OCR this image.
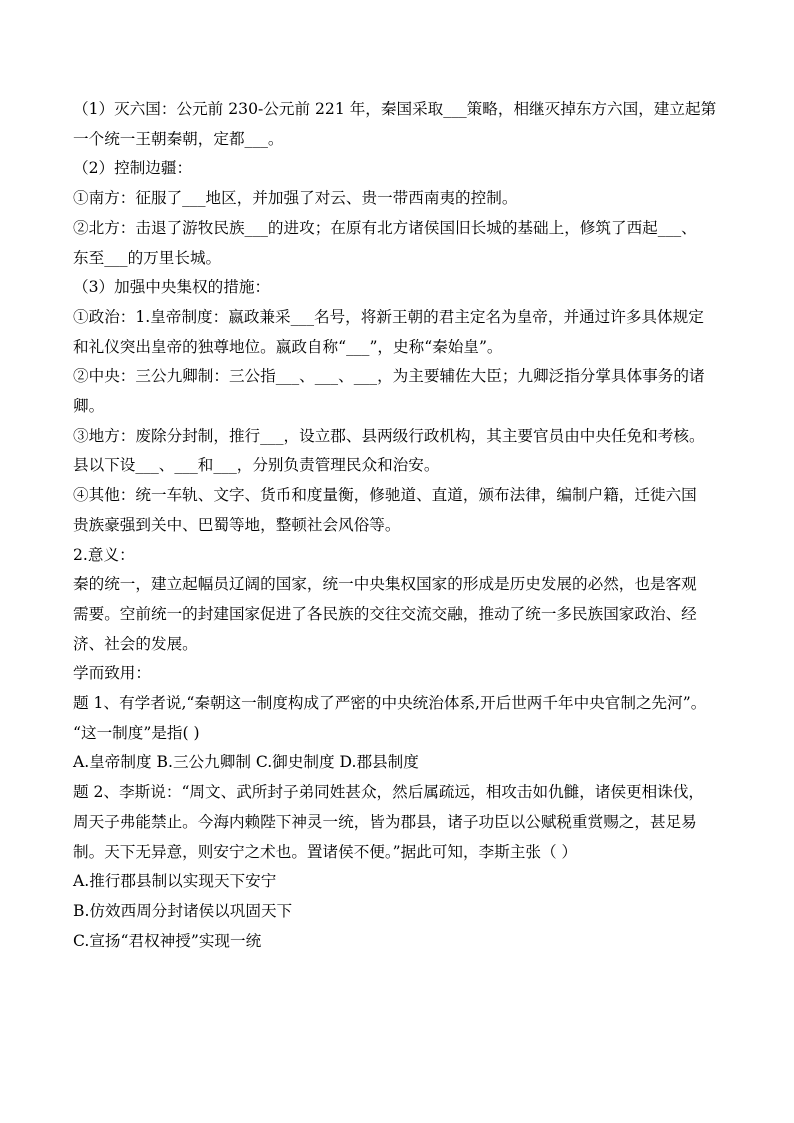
（1）灭六国：公元前 230-公元前 221 年，秦国采取___策略，相继灭掉东方六国，建立起第
一个统一王朝秦朝，定都___。
（2）控制边疆：
①南方：征服了___地区，并加强了对云、贵一带西南夷的控制。
②北方：击退了游牧民族___的进攻；在原有北方诸侯国旧长城的基础上，修筑了西起___、
东至___的万里长城。
（3）加强中央集权的措施：
①政治：1.皇帝制度：嬴政兼采___名号，将新王朝的君主定名为皇帝，并通过许多具体规定
和礼仪突出皇帝的独尊地位。嬴政自称“___”，史称“秦始皇”。
②中央：三公九卿制：三公指___、___、___，为主要辅佐大臣；九卿泛指分掌具体事务的诸
卿。
③地方：废除分封制，推行___，设立郡、县两级行政机构，其主要官员由中央任免和考核。
县以下设___、___和___，分别负责管理民众和治安。
④其他：统一车轨、文字、货币和度量衡，修驰道、直道，颁布法律，编制户籍，迁徙六国
贵族豪强到关中、巴蜀等地，整顿社会风俗等。
2.意义：
秦的统一，建立起幅员辽阔的国家，统一中央集权国家的形成是历史发展的必然，也是客观
需要。空前统一的封建国家促进了各民族的交往交流交融，推动了统一多民族国家政治、经
济、社会的发展。
学而致用：
题 1、有学者说,“秦朝这一制度构成了严密的中央统治体系,开后世两千年中央官制之先河”。
“这一制度”是指( )
A.皇帝制度 B.三公九卿制 C.御史制度 D.郡县制度
题 2、李斯说：“周文、武所封子弟同姓甚众，然后属疏远，相攻击如仇雠，诸侯更相诛伐，
周天子弗能禁止。今海内赖陛下神灵一统，皆为郡县，诸子功臣以公赋税重赏赐之，甚足易
制。天下无异意，则安宁之术也。置诸侯不便。”据此可知，李斯主张（ ）
A.推行郡县制以实现天下安宁
B.仿效西周分封诸侯以巩固天下
C.宣扬“君权神授”实现一统
